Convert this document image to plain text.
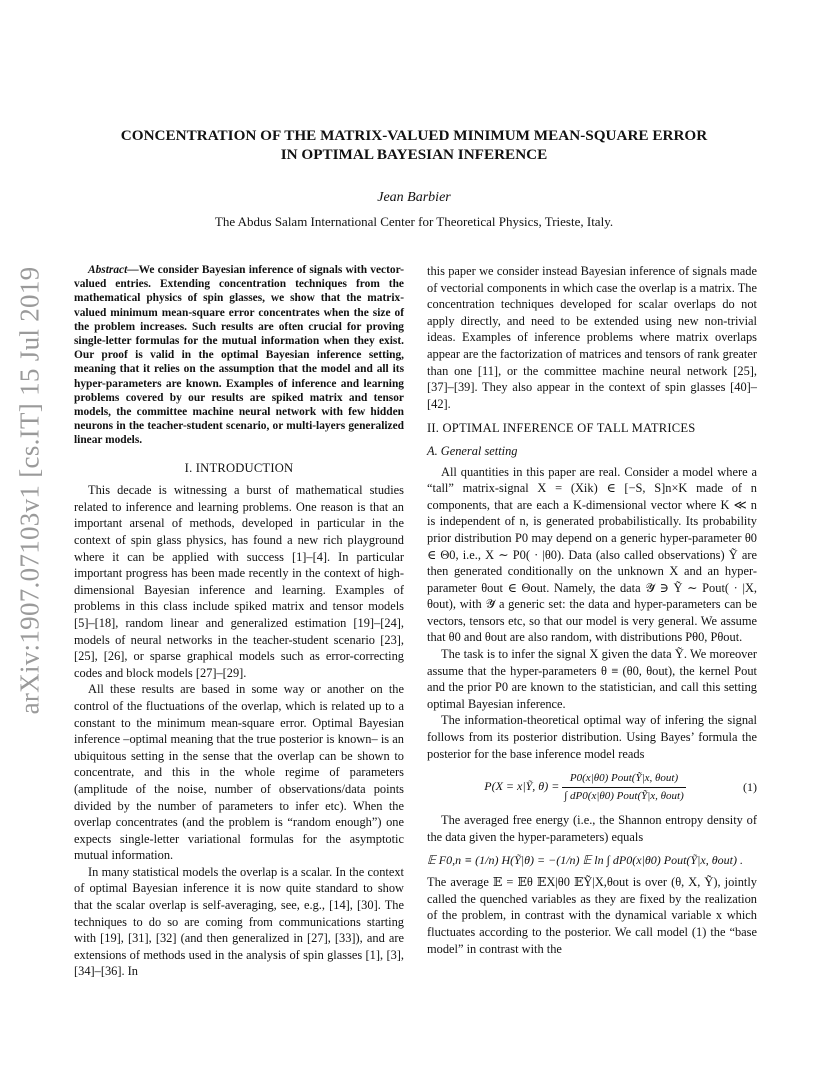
arXiv:1907.07103v1 [cs.IT] 15 Jul 2019
CONCENTRATION OF THE MATRIX-VALUED MINIMUM MEAN-SQUARE ERROR
IN OPTIMAL BAYESIAN INFERENCE

Jean Barbier

The Abdus Salam International Center for Theoretical Physics, Trieste, Italy.

Abstract—We consider Bayesian inference of signals with vector-valued entries. Extending concentration techniques from the mathematical physics of spin glasses, we show that the matrix-valued minimum mean-square error concentrates when the size of the problem increases. Such results are often crucial for proving single-letter formulas for the mutual information when they exist. Our proof is valid in the optimal Bayesian inference setting, meaning that it relies on the assumption that the model and all its hyper-parameters are known. Examples of inference and learning problems covered by our results are spiked matrix and tensor models, the committee machine neural network with few hidden neurons in the teacher-student scenario, or multi-layers generalized linear models.

I. INTRODUCTION

This decade is witnessing a burst of mathematical studies related to inference and learning problems. One reason is that an important arsenal of methods, developed in particular in the context of spin glass physics, has found a new rich playground where it can be applied with success [1]–[4]. In particular important progress has been made recently in the context of high-dimensional Bayesian inference and learning. Examples of problems in this class include spiked matrix and tensor models [5]–[18], random linear and generalized estimation [19]–[24], models of neural networks in the teacher-student scenario [23], [25], [26], or sparse graphical models such as error-correcting codes and block models [27]–[29].

All these results are based in some way or another on the control of the fluctuations of the overlap, which is related up to a constant to the minimum mean-square error. Optimal Bayesian inference –optimal meaning that the true posterior is known– is an ubiquitous setting in the sense that the overlap can be shown to concentrate, and this in the whole regime of parameters (amplitude of the noise, number of observations/data points divided by the number of parameters to infer etc). When the overlap concentrates (and the problem is “random enough”) one expects single-letter variational formulas for the asymptotic mutual information.

In many statistical models the overlap is a scalar. In the context of optimal Bayesian inference it is now quite standard to show that the scalar overlap is self-averaging, see, e.g., [14], [30]. The techniques to do so are coming from communications starting with [19], [31], [32] (and then generalized in [27], [33]), and are extensions of methods used in the analysis of spin glasses [1], [3], [34]–[36]. In

this paper we consider instead Bayesian inference of signals made of vectorial components in which case the overlap is a matrix. The concentration techniques developed for scalar overlaps do not apply directly, and need to be extended using new non-trivial ideas. Examples of inference problems where matrix overlaps appear are the factorization of matrices and tensors of rank greater than one [11], or the committee machine neural network [25], [37]–[39]. They also appear in the context of spin glasses [40]–[42].

II. OPTIMAL INFERENCE OF TALL MATRICES
A. General setting

All quantities in this paper are real. Consider a model where a “tall” matrix-signal X = (Xik) ∈ [−S, S]n×K made of n components, that are each a K-dimensional vector where K ≪ n is independent of n, is generated probabilistically. Its probability prior distribution P0 may depend on a generic hyper-parameter θ0 ∈ Θ0, i.e., X ∼ P0( · |θ0). Data (also called observations) Ỹ are then generated conditionally on the unknown X and an hyper-parameter θout ∈ Θout. Namely, the data 𝒴̃ ∋ Ỹ ∼ Pout( · |X, θout), with 𝒴̃ a generic set: the data and hyper-parameters can be vectors, tensors etc, so that our model is very general. We assume that θ0 and θout are also random, with distributions Pθ0, Pθout.

The task is to infer the signal X given the data Ỹ. We moreover assume that the hyper-parameters θ ≡ (θ0, θout), the kernel Pout and the prior P0 are known to the statistician, and call this setting optimal Bayesian inference.

The information-theoretical optimal way of infering the signal follows from its posterior distribution. Using Bayes’ formula the posterior for the base inference model reads

P(X = x|Ỹ, $\theta) = \frac{\text{P0(x|θ0) Pout(Ỹ|x, θout)}}{\text{∫ dP0(x|θ0) Pout(Ỹ|x, θout)}}$	(1)

The averaged free energy (i.e., the Shannon entropy density of the data given the hyper-parameters) equals

𝔼 F0,n ≡ (1/n) H(Ỹ|θ) = −(1/n) 𝔼 ln ∫ dP0(x|θ0) Pout(Ỹ|x, θout) .

The average 𝔼 = 𝔼θ 𝔼X|θ0 𝔼Ỹ|X,θout is over (θ, X, Ỹ), jointly called the quenched variables as they are fixed by the realization of the problem, in contrast with the dynamical variable x which fluctuates according to the posterior. We call model (1) the “base model” in contrast with the
